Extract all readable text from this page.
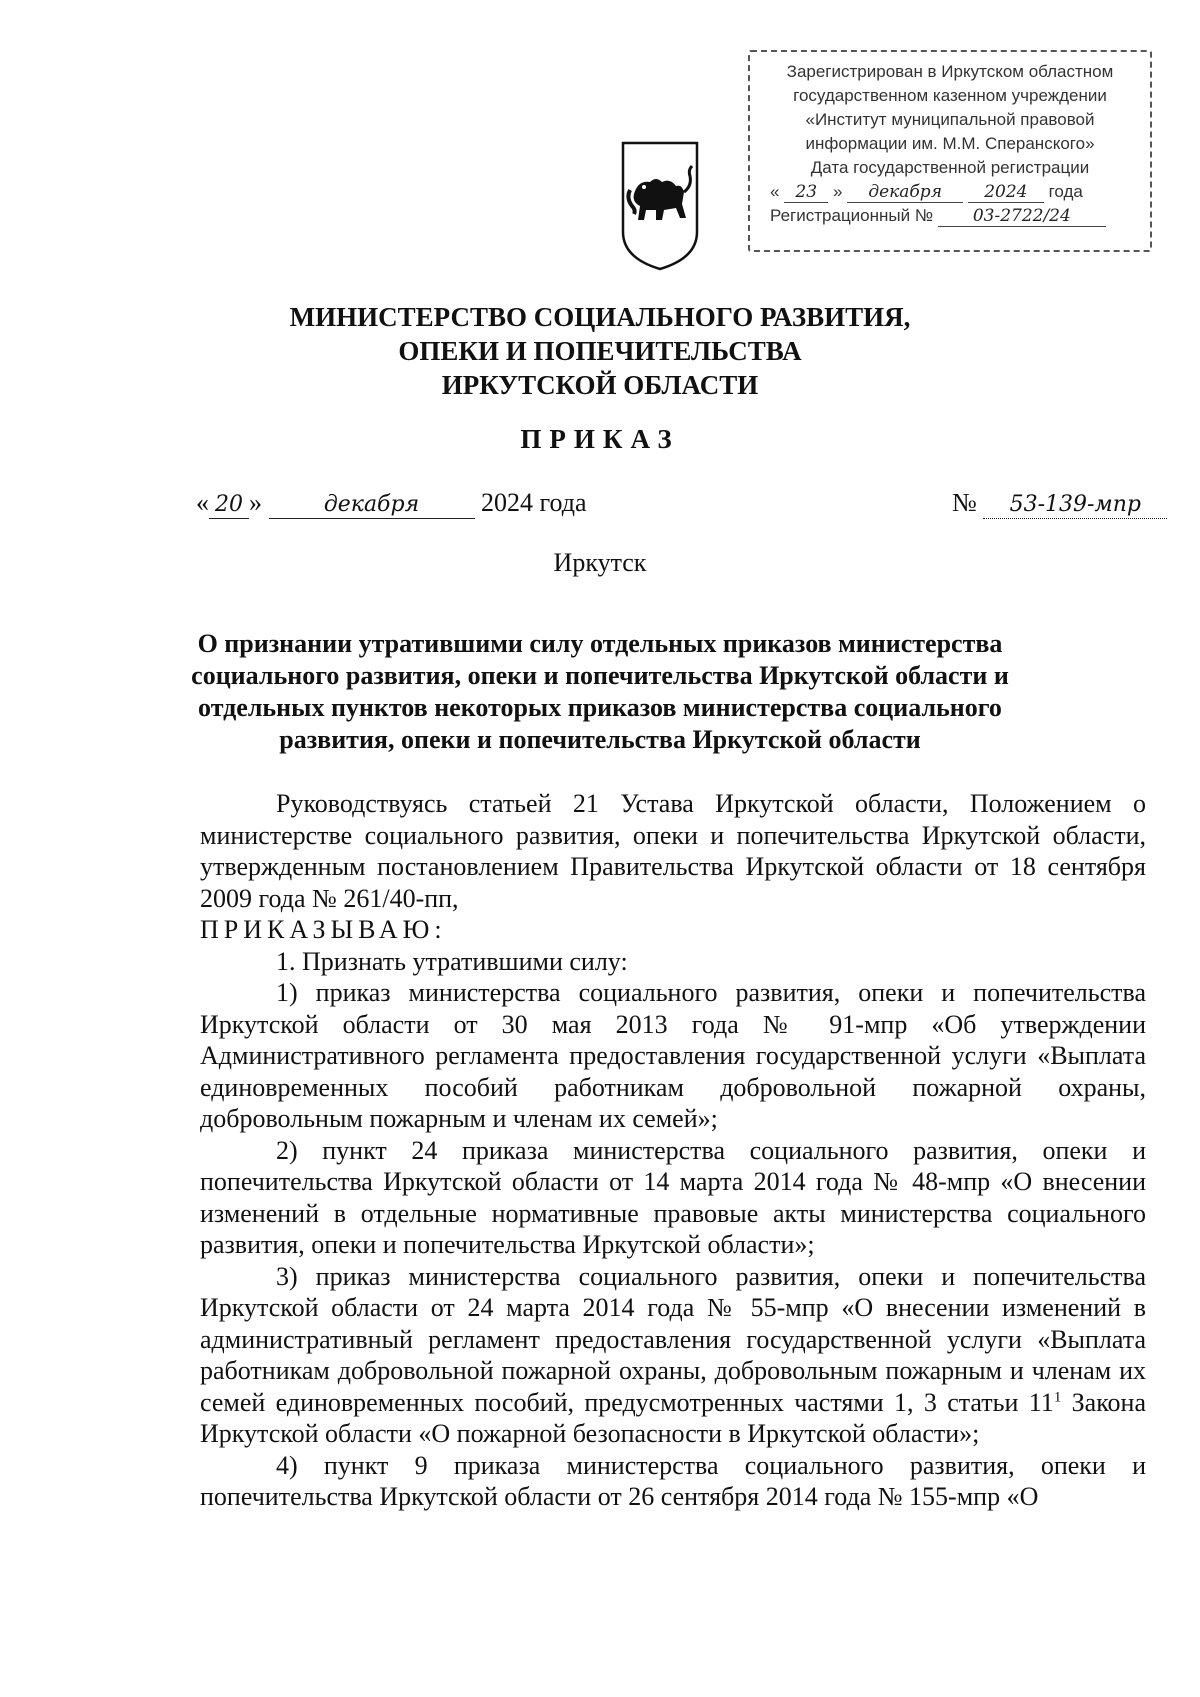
Зарегистрирован в Иркутском областном
государственном казенном учреждении
«Институт муниципальной правовой
информации им. М.М. Сперанского»
Дата государственной регистрации
« 23 » декабря 2024 года
Регистрационный № 03-2722/24
МИНИСТЕРСТВО СОЦИАЛЬНОГО РАЗВИТИЯ,
ОПЕКИ И ПОПЕЧИТЕЛЬСТВА
ИРКУТСКОЙ ОБЛАСТИ
ПРИКАЗ
« 20 »	декабря 2024 года	№ 53-139-мпр
Иркутск
О признании утратившими силу отдельных приказов министерства
социального развития, опеки и попечительства Иркутской области и
отдельных пунктов некоторых приказов министерства социального
развития, опеки и попечительства Иркутской области

Руководствуясь статьей 21 Устава Иркутской области, Положением о министерстве социального развития, опеки и попечительства Иркутской области, утвержденным постановлением Правительства Иркутской области от 18 сентября 2009 года № 261/40-пп,

ПРИКАЗЫВАЮ:

1. Признать утратившими силу:

1) приказ министерства социального развития, опеки и попечительства Иркутской области от 30 мая 2013 года № 91-мпр «Об утверждении Административного регламента предоставления государственной услуги «Выплата единовременных пособий работникам добровольной пожарной охраны, добровольным пожарным и членам их семей»;

2) пункт 24 приказа министерства социального развития, опеки и попечительства Иркутской области от 14 марта 2014 года № 48-мпр «О внесении изменений в отдельные нормативные правовые акты министерства социального развития, опеки и попечительства Иркутской области»;

3) приказ министерства социального развития, опеки и попечительства Иркутской области от 24 марта 2014 года № 55-мпр «О внесении изменений в административный регламент предоставления государственной услуги «Выплата работникам добровольной пожарной охраны, добровольным пожарным и членам их семей единовременных пособий, предусмотренных частями 1, 3 статьи $11^1$ Закона Иркутской области «О пожарной безопасности в Иркутской области»;

4) пункт 9 приказа министерства социального развития, опеки и попечительства Иркутской области от 26 сентября 2014 года № 155-мпр «О
